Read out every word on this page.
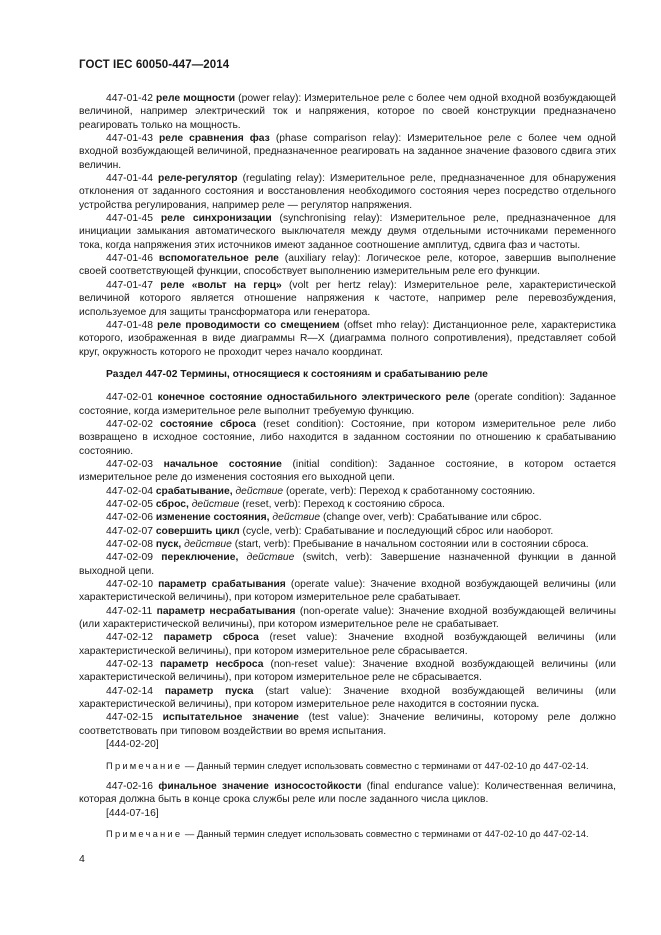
ГОСТ IEC 60050-447—2014

447-01-42 реле мощности (power relay): Измерительное реле с более чем одной входной возбуждающей величиной, например электрический ток и напряжения, которое по своей конструкции предназначено реагировать только на мощность.

447-01-43 реле сравнения фаз (phase comparison relay): Измерительное реле с более чем одной входной возбуждающей величиной, предназначенное реагировать на заданное значение фазового сдвига этих величин.

447-01-44 реле-регулятор (regulating relay): Измерительное реле, предназначенное для обнаружения отклонения от заданного состояния и восстановления необходимого состояния через посредство отдельного устройства регулирования, например реле — регулятор напряжения.

447-01-45 реле синхронизации (synchronising relay): Измерительное реле, предназначенное для инициации замыкания автоматического выключателя между двумя отдельными источниками переменного тока, когда напряжения этих источников имеют заданное соотношение амплитуд, сдвига фаз и частоты.

447-01-46 вспомогательное реле (auxiliary relay): Логическое реле, которое, завершив выполнение своей соответствующей функции, способствует выполнению измерительным реле его функции.

447-01-47 реле «вольт на герц» (volt per hertz relay): Измерительное реле, характеристической величиной которого является отношение напряжения к частоте, например реле перевозбуждения, используемое для защиты трансформатора или генератора.

447-01-48 реле проводимости со смещением (offset mho relay): Дистанционное реле, характеристика которого, изображенная в виде диаграммы R—X (диаграмма полного сопротивления), представляет собой круг, окружность которого не проходит через начало координат.

Раздел 447-02 Термины, относящиеся к состояниям и срабатыванию реле

447-02-01 конечное состояние одностабильного электрического реле (operate condition): Заданное состояние, когда измерительное реле выполнит требуемую функцию.

447-02-02 состояние сброса (reset condition): Состояние, при котором измерительное реле либо возвращено в исходное состояние, либо находится в заданном состоянии по отношению к срабатыванию состоянию.

447-02-03 начальное состояние (initial condition): Заданное состояние, в котором остается измерительное реле до изменения состояния его выходной цепи.

447-02-04 срабатывание, действие (operate, verb): Переход к сработанному состоянию.

447-02-05 сброс, действие (reset, verb): Переход к состоянию сброса.

447-02-06 изменение состояния, действие (change over, verb): Срабатывание или сброс.

447-02-07 совершить цикл (cycle, verb): Срабатывание и последующий сброс или наоборот.

447-02-08 пуск, действие (start, verb): Пребывание в начальном состоянии или в состоянии сброса.

447-02-09 переключение, действие (switch, verb): Завершение назначенной функции в данной выходной цепи.

447-02-10 параметр срабатывания (operate value): Значение входной возбуждающей величины (или характеристической величины), при котором измерительное реле срабатывает.

447-02-11 параметр несрабатывания (non-operate value): Значение входной возбуждающей величины (или характеристической величины), при котором измерительное реле не срабатывает.

447-02-12 параметр сброса (reset value): Значение входной возбуждающей величины (или характеристической величины), при котором измерительное реле сбрасывается.

447-02-13 параметр несброса (non-reset value): Значение входной возбуждающей величины (или характеристической величины), при котором измерительное реле не сбрасывается.

447-02-14 параметр пуска (start value): Значение входной возбуждающей величины (или характеристической величины), при котором измерительное реле находится в состоянии пуска.

447-02-15 испытательное значение (test value): Значение величины, которому реле должно соответствовать при типовом воздействии во время испытания.

[444-02-20]

Примечание — Данный термин следует использовать совместно с терминами от 447-02-10 до 447-02-14.

447-02-16 финальное значение износостойкости (final endurance value): Количественная величина, которая должна быть в конце срока службы реле или после заданного числа циклов.

[444-07-16]

Примечание — Данный термин следует использовать совместно с терминами от 447-02-10 до 447-02-14.

4
